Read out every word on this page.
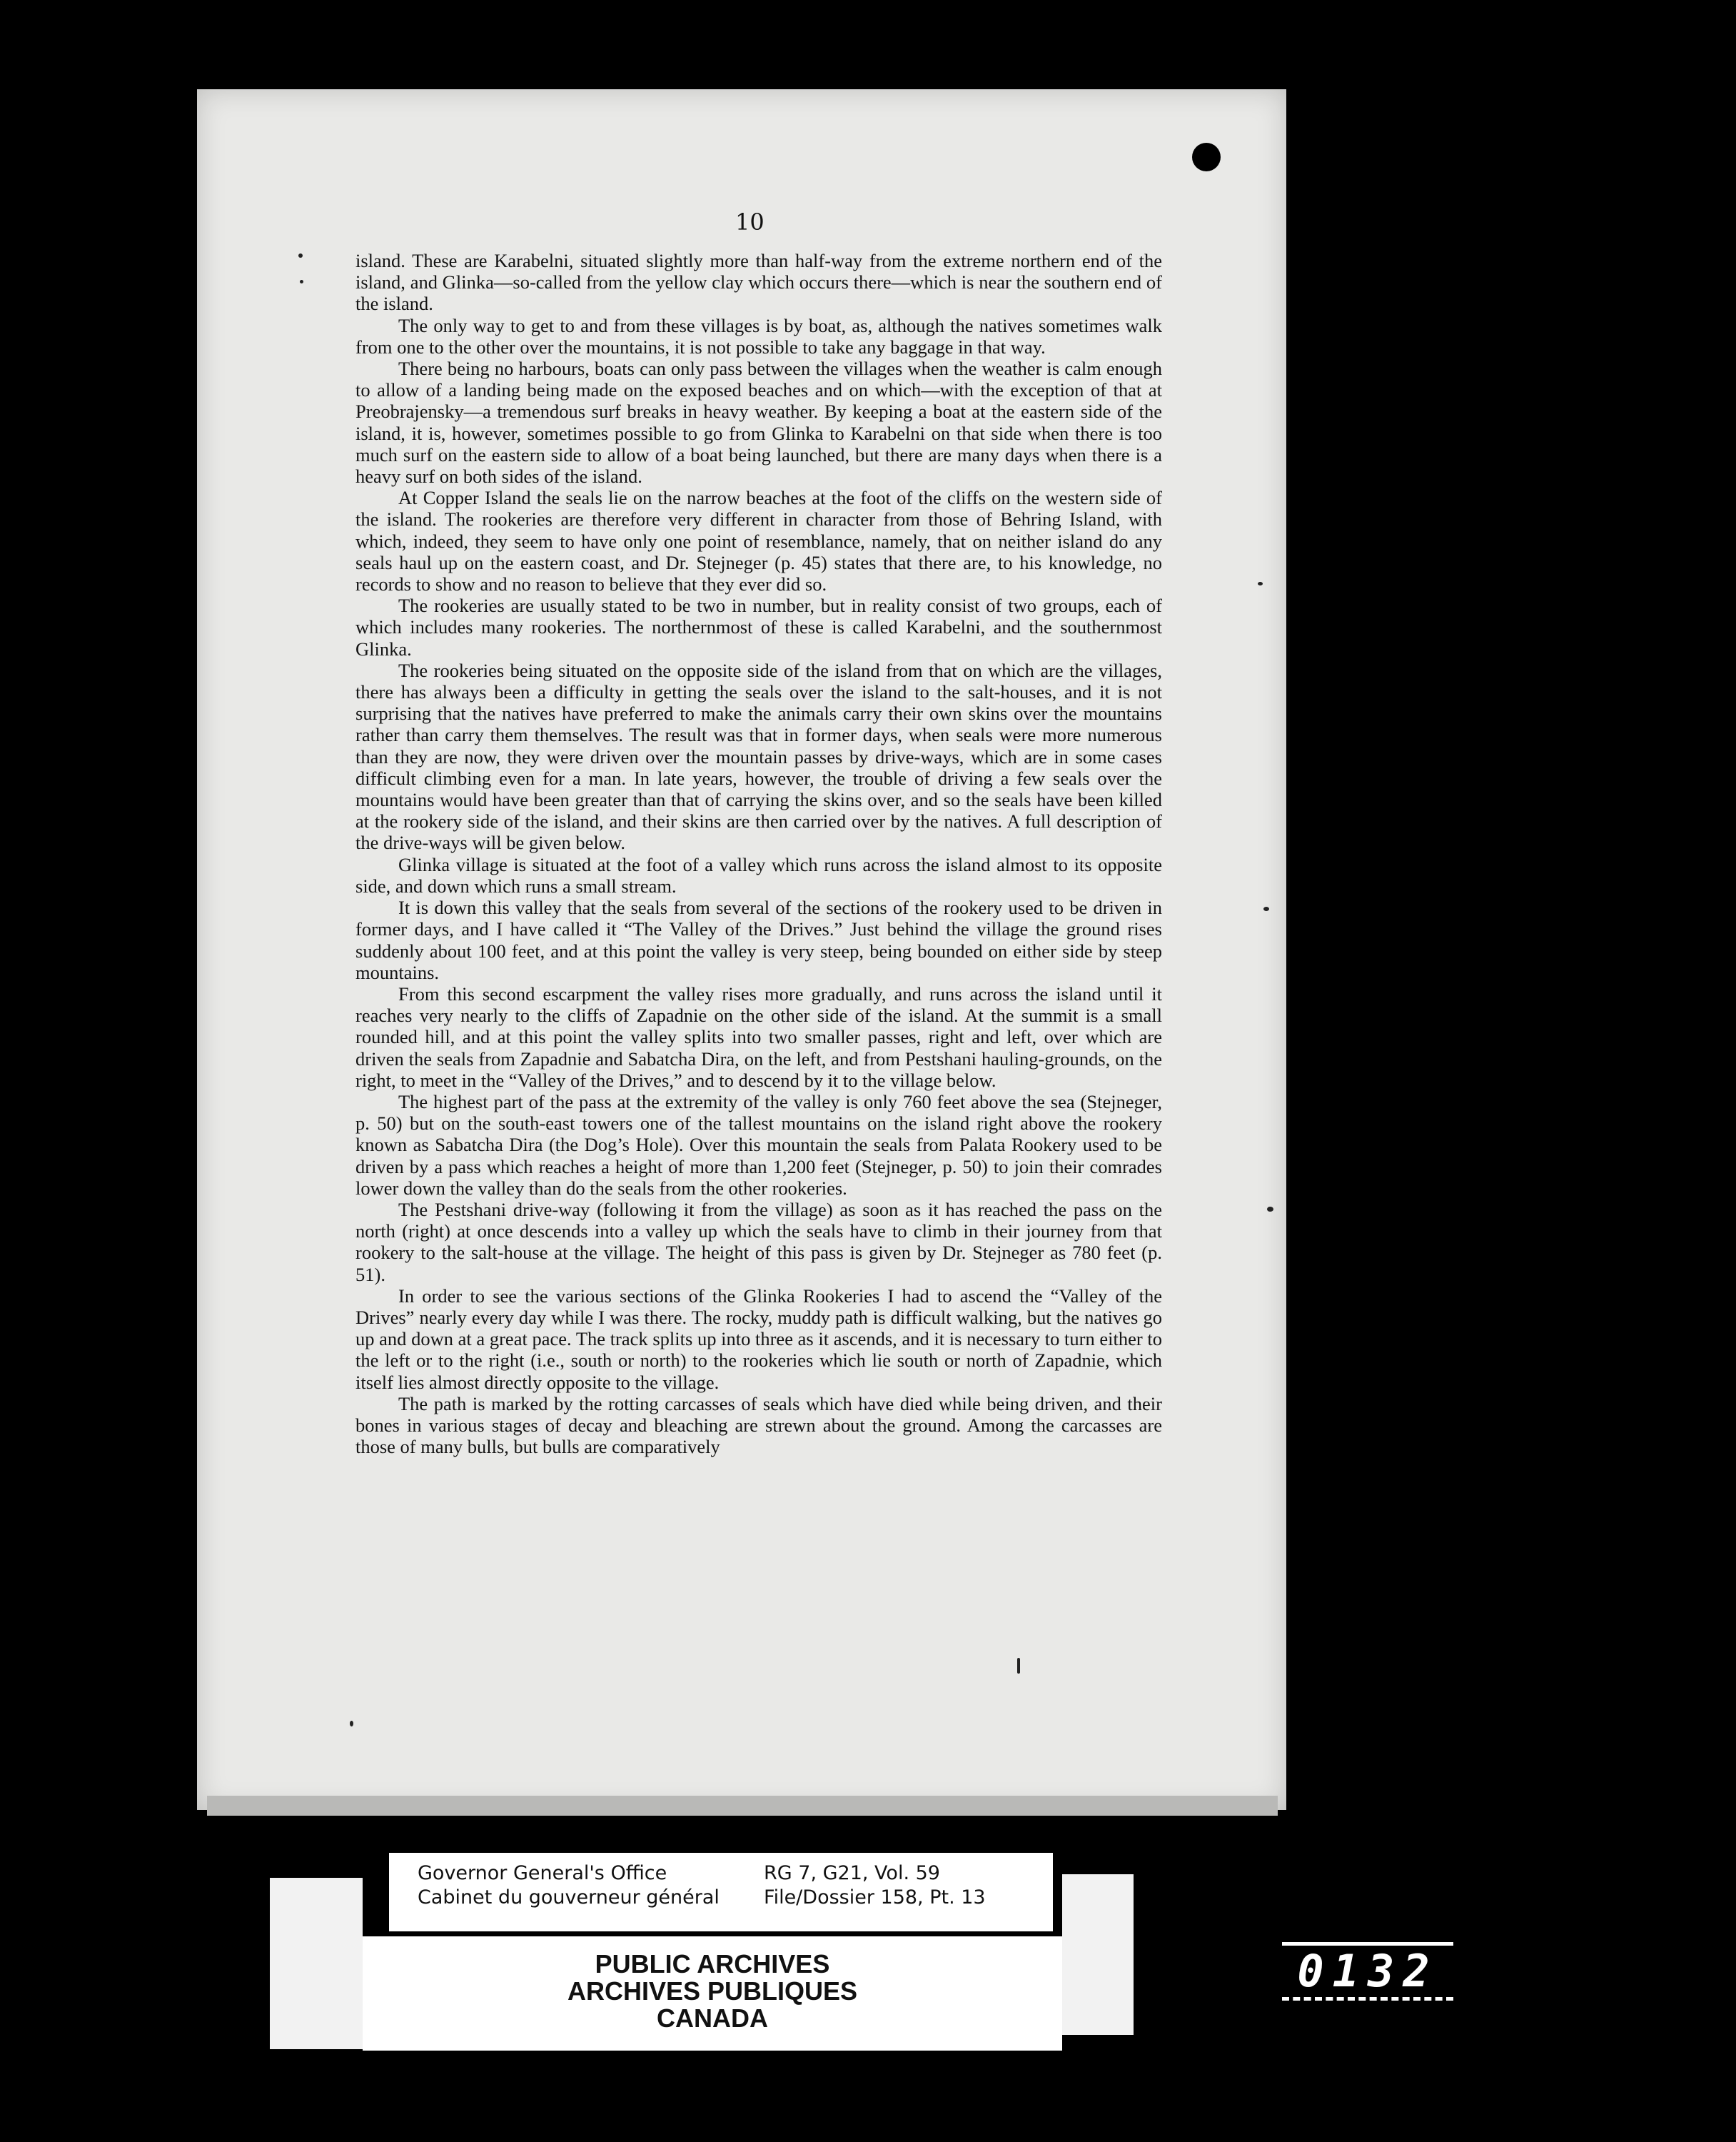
10

island. These are Karabelni, situated slightly more than half-way from the extreme northern end of the island, and Glinka—so-called from the yellow clay which occurs there—which is near the southern end of the island.

The only way to get to and from these villages is by boat, as, although the natives sometimes walk from one to the other over the mountains, it is not possible to take any baggage in that way.

There being no harbours, boats can only pass between the villages when the weather is calm enough to allow of a landing being made on the exposed beaches and on which—with the exception of that at Preobrajensky—a tremendous surf breaks in heavy weather. By keeping a boat at the eastern side of the island, it is, however, sometimes possible to go from Glinka to Karabelni on that side when there is too much surf on the eastern side to allow of a boat being launched, but there are many days when there is a heavy surf on both sides of the island.

At Copper Island the seals lie on the narrow beaches at the foot of the cliffs on the western side of the island. The rookeries are therefore very different in character from those of Behring Island, with which, indeed, they seem to have only one point of resemblance, namely, that on neither island do any seals haul up on the eastern coast, and Dr. Stejneger (p. 45) states that there are, to his knowledge, no records to show and no reason to believe that they ever did so.

The rookeries are usually stated to be two in number, but in reality consist of two groups, each of which includes many rookeries. The northernmost of these is called Karabelni, and the southernmost Glinka.

The rookeries being situated on the opposite side of the island from that on which are the villages, there has always been a difficulty in getting the seals over the island to the salt-houses, and it is not surprising that the natives have preferred to make the animals carry their own skins over the mountains rather than carry them themselves. The result was that in former days, when seals were more numerous than they are now, they were driven over the mountain passes by drive-ways, which are in some cases difficult climbing even for a man. In late years, however, the trouble of driving a few seals over the mountains would have been greater than that of carrying the skins over, and so the seals have been killed at the rookery side of the island, and their skins are then carried over by the natives. A full description of the drive-ways will be given below.

Glinka village is situated at the foot of a valley which runs across the island almost to its opposite side, and down which runs a small stream.

It is down this valley that the seals from several of the sections of the rookery used to be driven in former days, and I have called it “The Valley of the Drives.” Just behind the village the ground rises suddenly about 100 feet, and at this point the valley is very steep, being bounded on either side by steep mountains.

From this second escarpment the valley rises more gradually, and runs across the island until it reaches very nearly to the cliffs of Zapadnie on the other side of the island. At the summit is a small rounded hill, and at this point the valley splits into two smaller passes, right and left, over which are driven the seals from Zapadnie and Sabatcha Dira, on the left, and from Pestshani hauling-grounds, on the right, to meet in the “Valley of the Drives,” and to descend by it to the village below.

The highest part of the pass at the extremity of the valley is only 760 feet above the sea (Stejneger, p. 50) but on the south-east towers one of the tallest mountains on the island right above the rookery known as Sabatcha Dira (the Dog’s Hole). Over this mountain the seals from Palata Rookery used to be driven by a pass which reaches a height of more than 1,200 feet (Stejneger, p. 50) to join their comrades lower down the valley than do the seals from the other rookeries.

The Pestshani drive-way (following it from the village) as soon as it has reached the pass on the north (right) at once descends into a valley up which the seals have to climb in their journey from that rookery to the salt-house at the village. The height of this pass is given by Dr. Stejneger as 780 feet (p. 51).

In order to see the various sections of the Glinka Rookeries I had to ascend the “Valley of the Drives” nearly every day while I was there. The rocky, muddy path is difficult walking, but the natives go up and down at a great pace. The track splits up into three as it ascends, and it is necessary to turn either to the left or to the right (i.e., south or north) to the rookeries which lie south or north of Zapadnie, which itself lies almost directly opposite to the village.

The path is marked by the rotting carcasses of seals which have died while being driven, and their bones in various stages of decay and bleaching are strewn about the ground. Among the carcasses are those of many bulls, but bulls are comparatively

Governor General's Office
Cabinet du gouverneur général
RG 7, G21, Vol. 59
File/Dossier 158, Pt. 13
PUBLIC ARCHIVES
ARCHIVES PUBLIQUES
CANADA
0132
